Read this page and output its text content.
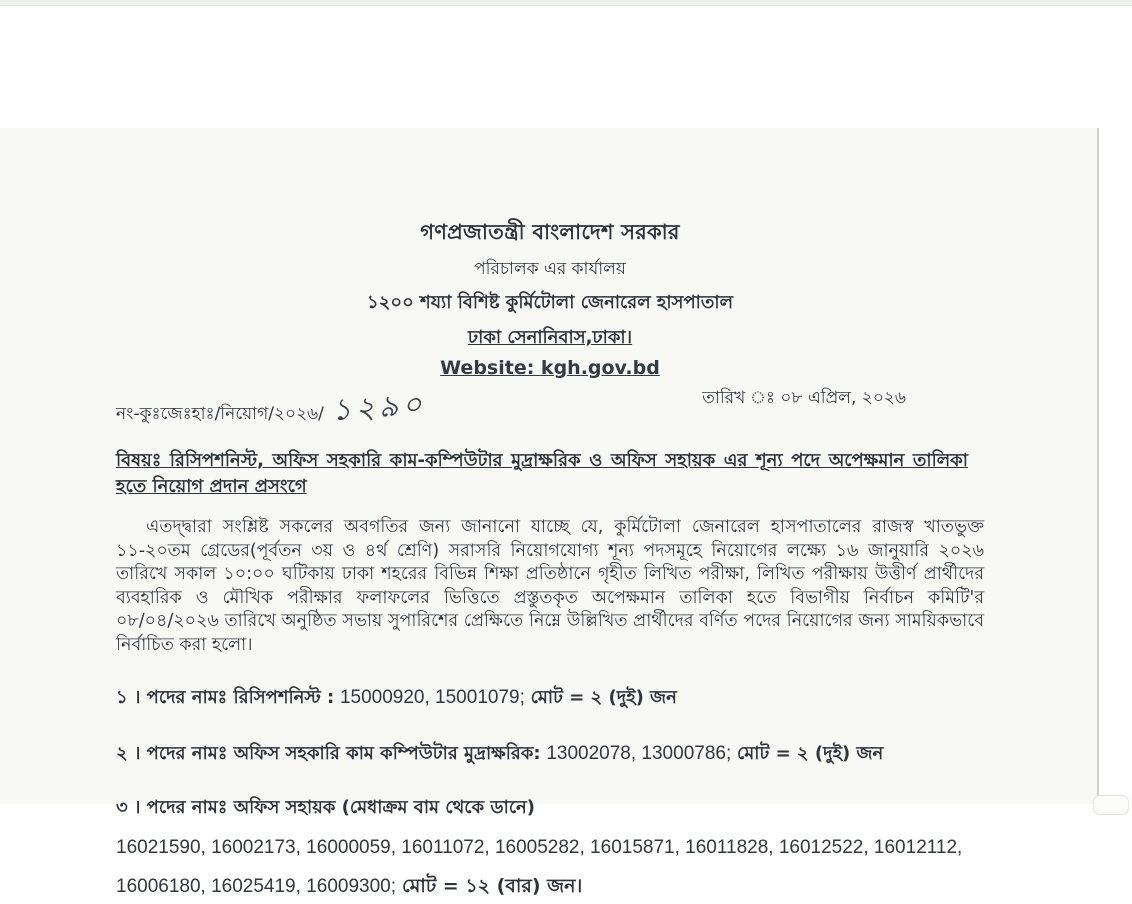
গণপ্রজাতন্ত্রী বাংলাদেশ সরকার
পরিচালক এর কার্যালয়
১২০০ শয্যা বিশিষ্ট কুর্মিটোলা জেনারেল হাসপাতাল
ঢাকা সেনানিবাস,ঢাকা।
Website: kgh.gov.bd
নং-কুঃজেঃহাঃ/নিয়োগ/২০২৬/ ১২৯০	তারিখ ঃ ০৮ এপ্রিল, ২০২৬
বিষয়ঃ রিসিপশনিস্ট, অফিস সহকারি কাম-কম্পিউটার মুদ্রাক্ষরিক ও অফিস সহায়ক এর শূন্য পদে অপেক্ষমান তালিকা হতে নিয়োগ প্রদান প্রসংগে

এতদ্দ্বারা সংশ্লিষ্ট সকলের অবগতির জন্য জানানো যাচ্ছে যে, কুর্মিটোলা জেনারেল হাসপাতালের রাজস্ব খাতভুক্ত ১১-২০তম গ্রেডের(পূর্বতন ৩য় ও ৪র্থ শ্রেণি) সরাসরি নিয়োগযোগ্য শূন্য পদসমূহে নিয়োগের লক্ষ্যে ১৬ জানুয়ারি ২০২৬ তারিখে সকাল ১০:০০ ঘটিকায় ঢাকা শহরের বিভিন্ন শিক্ষা প্রতিষ্ঠানে গৃহীত লিখিত পরীক্ষা, লিখিত পরীক্ষায় উত্তীর্ণ প্রার্থীদের ব্যবহারিক ও মৌখিক পরীক্ষার ফলাফলের ভিত্তিতে প্রস্তুতকৃত অপেক্ষমান তালিকা হতে বিভাগীয় নির্বাচন কমিটি'র ০৮/০৪/২০২৬ তারিখে অনুষ্ঠিত সভায় সুপারিশের প্রেক্ষিতে নিম্নে উল্লিখিত প্রার্থীদের বর্ণিত পদের নিয়োগের জন্য সাময়িকভাবে নির্বাচিত করা হলো।

১ । পদের নামঃ রিসিপশনিস্ট : 15000920, 15001079; মোট = ২ (দুই) জন
২ । পদের নামঃ অফিস সহকারি কাম কম্পিউটার মুদ্রাক্ষরিক: 13002078, 13000786; মোট = ২ (দুই) জন
৩ । পদের নামঃ অফিস সহায়ক (মেধাক্রম বাম থেকে ডানে)
16021590, 16002173, 16000059, 16011072, 16005282, 16015871, 16011828, 16012522, 16012112,
16006180, 16025419, 16009300; মোট = ১২ (বার) জন।
